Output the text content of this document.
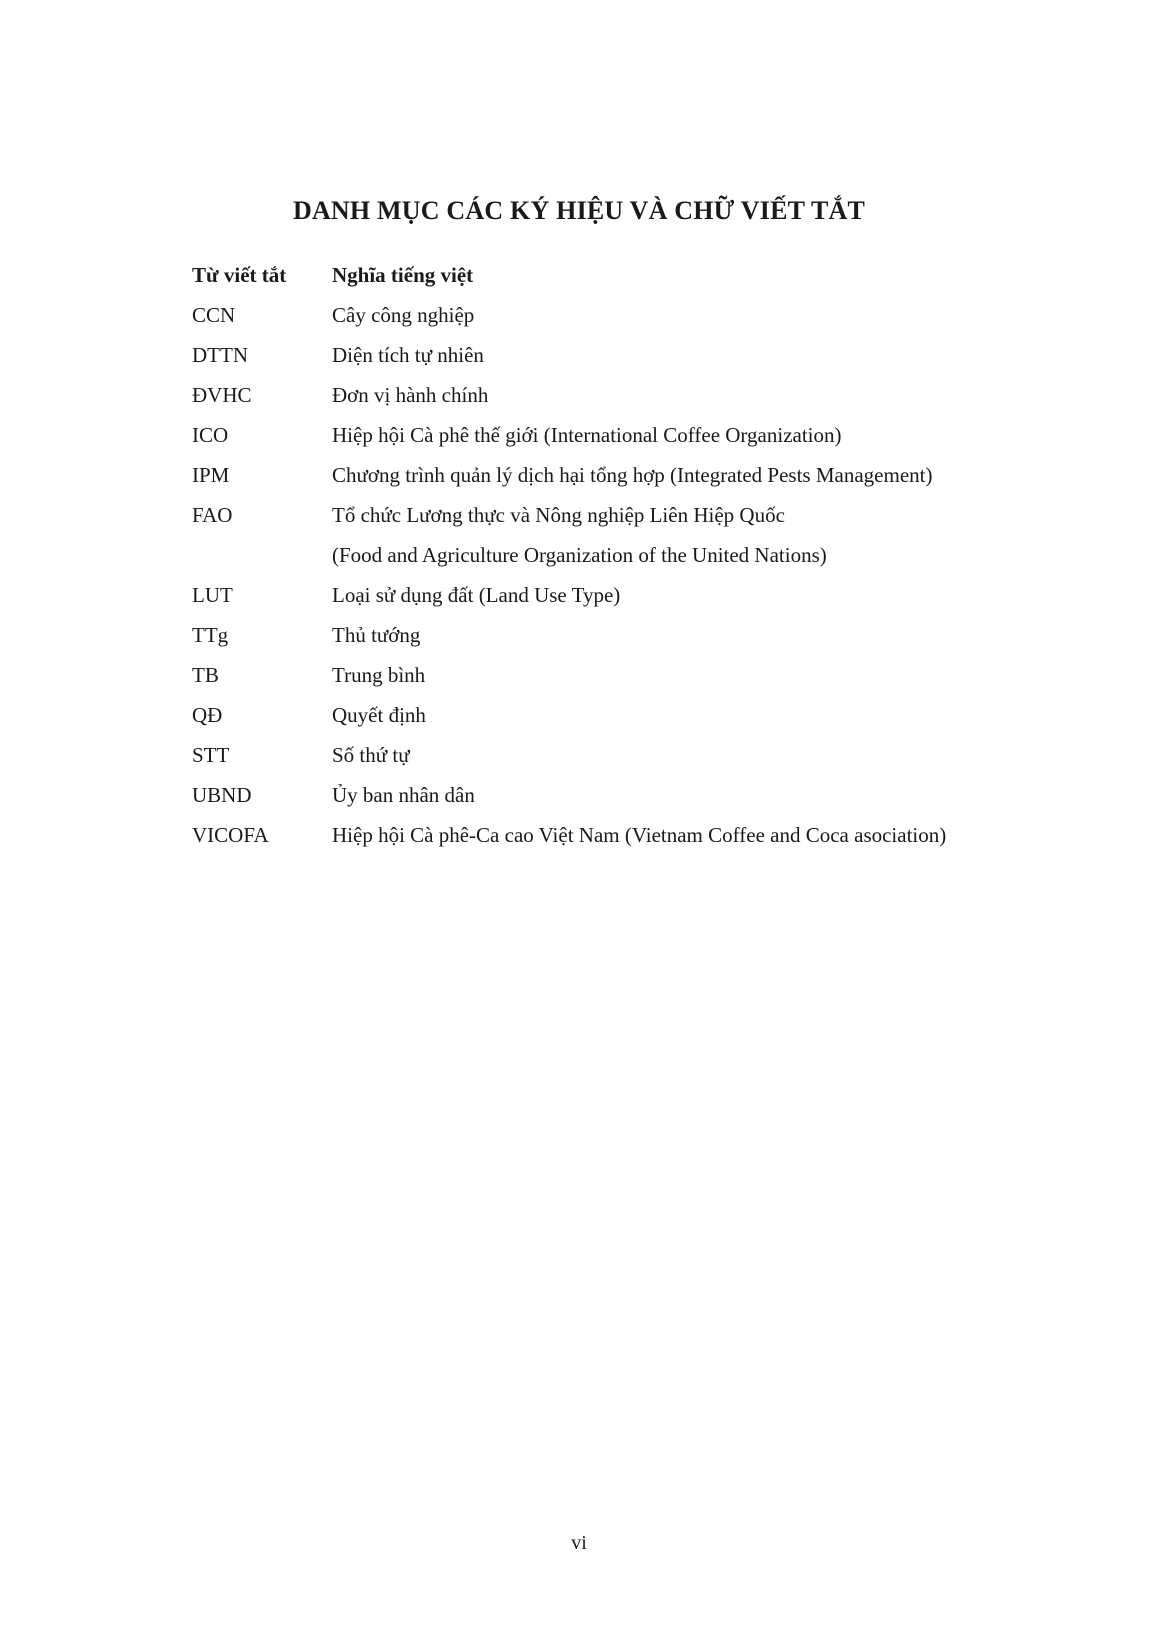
DANH MỤC CÁC KÝ HIỆU VÀ CHỮ VIẾT TẮT
Từ viết tắt	Nghĩa tiếng việt
CCN	Cây công nghiệp
DTTN	Diện tích tự nhiên
ĐVHC	Đơn vị hành chính
ICO	Hiệp hội Cà phê thế giới (International Coffee Organization)
IPM	Chương trình quản lý dịch hại tổng hợp (Integrated Pests Management)
FAO	Tổ chức Lương thực và Nông nghiệp Liên Hiệp Quốc
	(Food and Agriculture Organization of the United Nations)
LUT	Loại sử dụng đất (Land Use Type)
TTg	Thủ tướng
TB	Trung bình
QĐ	Quyết định
STT	Số thứ tự
UBND	Ủy ban nhân dân
VICOFA	Hiệp hội Cà phê-Ca cao Việt Nam (Vietnam Coffee and Coca asociation)
vi
